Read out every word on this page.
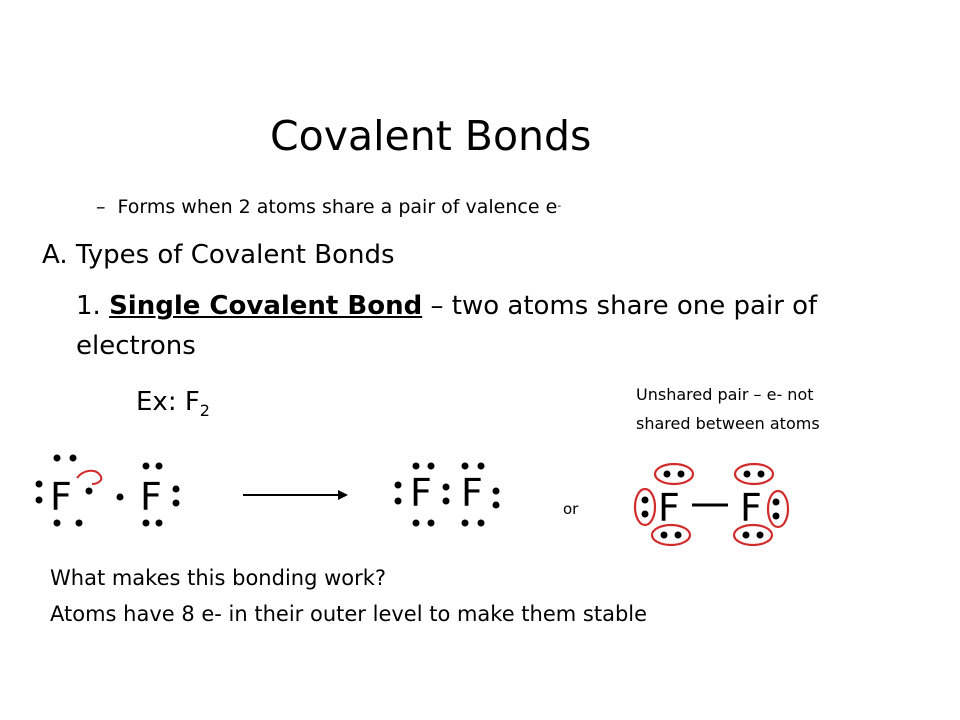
Covalent Bonds
– Forms when 2 atoms share a pair of valence e-
A. Types of Covalent Bonds
1. Single Covalent Bond – two atoms share one pair of
electrons
Ex: $F_2$
Unshared pair – e- not
shared between atoms
or
F F	F F	F F
What makes this bonding work?
Atoms have 8 e- in their outer level to make them stable
